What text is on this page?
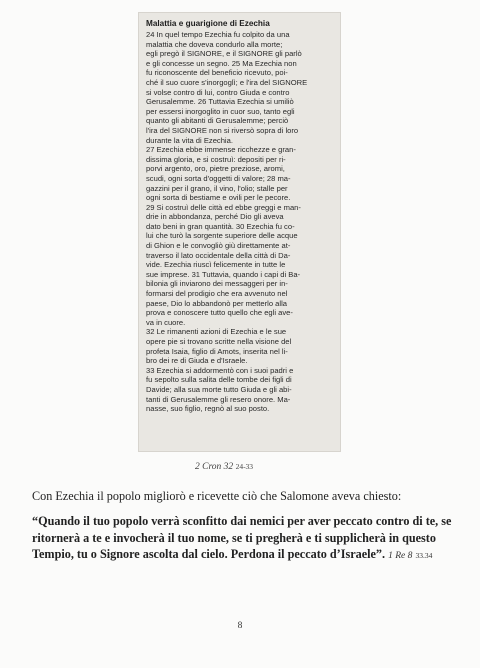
Malattia e guarigione di Ezechia
24 In quel tempo Ezechia fu colpito da una
malattia che doveva condurlo alla morte;
egli pregò il SIGNORE, e il SIGNORE gli parlò
e gli concesse un segno. 25 Ma Ezechia non
fu riconoscente del beneficio ricevuto, poi-
ché il suo cuore s'inorgoglì; e l'ira del SIGNORE
si volse contro di lui, contro Giuda e contro
Gerusalemme. 26 Tuttavia Ezechia si umiliò
per essersi inorgoglito in cuor suo, tanto egli
quanto gli abitanti di Gerusalemme; perciò
l'ira del SIGNORE non si riversò sopra di loro
durante la vita di Ezechia.
27 Ezechia ebbe immense ricchezze e gran-
dissima gloria, e si costruì: depositi per ri-
porvi argento, oro, pietre preziose, aromi,
scudi, ogni sorta d'oggetti di valore; 28 ma-
gazzini per il grano, il vino, l'olio; stalle per
ogni sorta di bestiame e ovili per le pecore.
29 Si costruì delle città ed ebbe greggi e man-
drie in abbondanza, perché Dio gli aveva
dato beni in gran quantità. 30 Ezechia fu co-
lui che turò la sorgente superiore delle acque
di Ghion e le convogliò giù direttamente at-
traverso il lato occidentale della città di Da-
vide. Ezechia riuscì felicemente in tutte le
sue imprese. 31 Tuttavia, quando i capi di Ba-
bilonia gli inviarono dei messaggeri per in-
formarsi del prodigio che era avvenuto nel
paese, Dio lo abbandonò per metterlo alla
prova e conoscere tutto quello che egli ave-
va in cuore.
32 Le rimanenti azioni di Ezechia e le sue
opere pie si trovano scritte nella visione del
profeta Isaia, figlio di Amots, inserita nel li-
bro dei re di Giuda e d'Israele.
33 Ezechia si addormentò con i suoi padri e
fu sepolto sulla salita delle tombe dei figli di
Davide; alla sua morte tutto Giuda e gli abi-
tanti di Gerusalemme gli resero onore. Ma-
nasse, suo figlio, regnò al suo posto.
2 Cron 32 24-33
Con Ezechia il popolo migliorò e ricevette ciò che Salomone aveva chiesto:
“Quando il tuo popolo verrà sconfitto dai nemici per aver peccato contro di te, se ritornerà a te e invocherà il tuo nome, se ti pregherà e ti supplicherà in questo Tempio, tu o Signore ascolta dal cielo. Perdona il peccato d’Israele”. 1 Re 8 33.34
8
